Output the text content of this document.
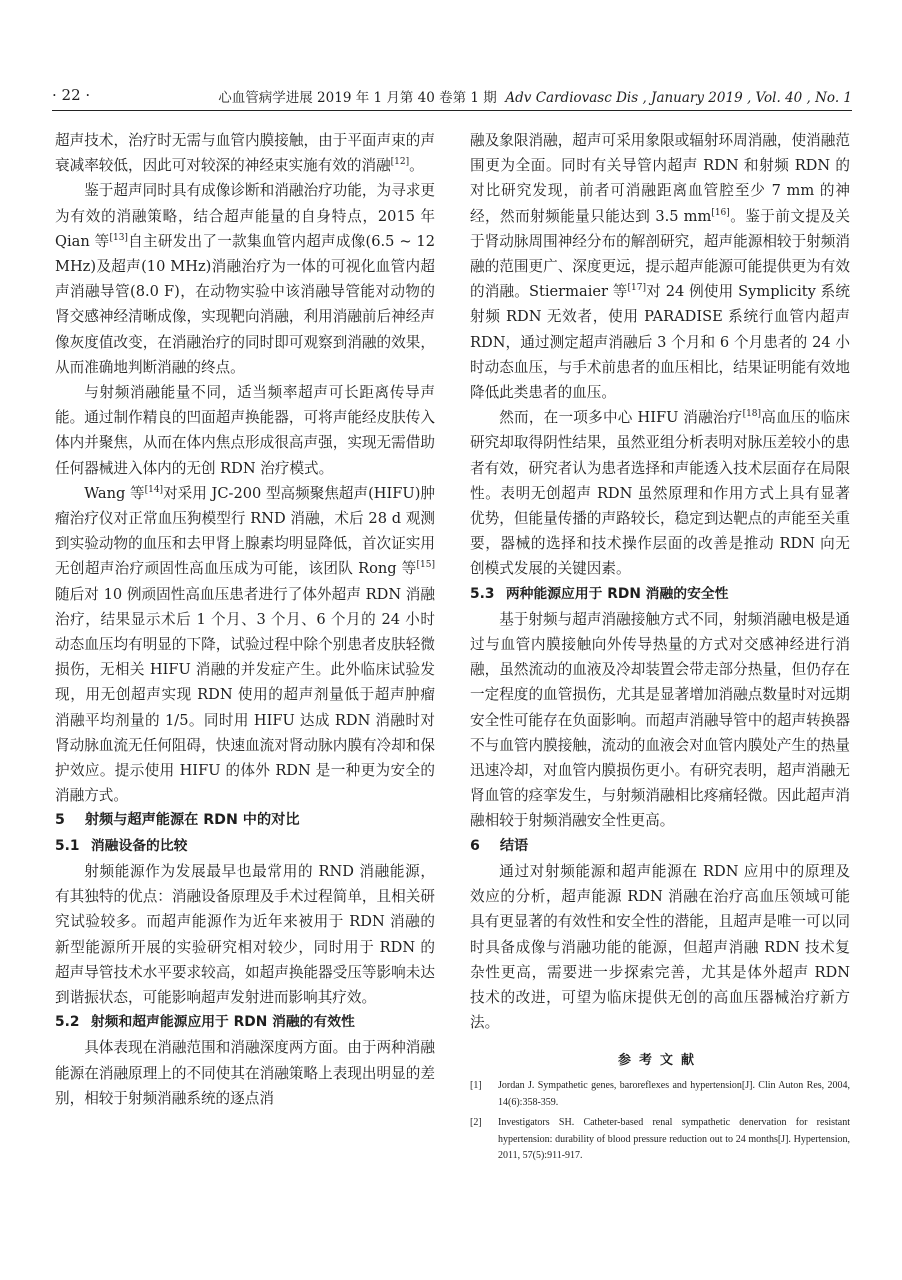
· 22 ·	心血管病学进展 2019 年 1 月第 40 卷第 1 期 Adv Cardiovasc Dis , January 2019 , Vol. 40 , No. 1

超声技术，治疗时无需与血管内膜接触，由于平面声束的声衰减率较低，因此可对较深的神经束实施有效的消融[12]。

鉴于超声同时具有成像诊断和消融治疗功能，为寻求更为有效的消融策略，结合超声能量的自身特点，2015 年 Qian 等[13]自主研发出了一款集血管内超声成像(6.5 ~ 12 MHz)及超声(10 MHz)消融治疗为一体的可视化血管内超声消融导管(8.0 F)，在动物实验中该消融导管能对动物的肾交感神经清晰成像，实现靶向消融，利用消融前后神经声像灰度值改变，在消融治疗的同时即可观察到消融的效果，从而准确地判断消融的终点。

与射频消融能量不同，适当频率超声可长距离传导声能。通过制作精良的凹面超声换能器，可将声能经皮肤传入体内并聚焦，从而在体内焦点形成很高声强，实现无需借助任何器械进入体内的无创 RDN 治疗模式。

Wang 等[14]对采用 JC-200 型高频聚焦超声(HIFU)肿瘤治疗仪对正常血压狗模型行 RND 消融，术后 28 d 观测到实验动物的血压和去甲肾上腺素均明显降低，首次证实用无创超声治疗顽固性高血压成为可能，该团队 Rong 等[15]随后对 10 例顽固性高血压患者进行了体外超声 RDN 消融治疗，结果显示术后 1 个月、3 个月、6 个月的 24 小时动态血压均有明显的下降，试验过程中除个别患者皮肤轻微损伤，无相关 HIFU 消融的并发症产生。此外临床试验发现，用无创超声实现 RDN 使用的超声剂量低于超声肿瘤消融平均剂量的 1/5。同时用 HIFU 达成 RDN 消融时对肾动脉血流无任何阻碍，快速血流对肾动脉内膜有冷却和保护效应。提示使用 HIFU 的体外 RDN 是一种更为安全的消融方式。

5 射频与超声能源在 RDN 中的对比
5.1 消融设备的比较

射频能源作为发展最早也最常用的 RND 消融能源，有其独特的优点：消融设备原理及手术过程简单，且相关研究试验较多。而超声能源作为近年来被用于 RDN 消融的新型能源所开展的实验研究相对较少，同时用于 RDN 的超声导管技术水平要求较高，如超声换能器受压等影响未达到谐振状态，可能影响超声发射进而影响其疗效。

5.2 射频和超声能源应用于 RDN 消融的有效性

具体表现在消融范围和消融深度两方面。由于两种消融能源在消融原理上的不同使其在消融策略上表现出明显的差别，相较于射频消融系统的逐点消

融及象限消融，超声可采用象限或辐射环周消融，使消融范围更为全面。同时有关导管内超声 RDN 和射频 RDN 的对比研究发现，前者可消融距离血管腔至少 7 mm 的神经，然而射频能量只能达到 3.5 mm[16]。鉴于前文提及关于肾动脉周围神经分布的解剖研究，超声能源相较于射频消融的范围更广、深度更远，提示超声能源可能提供更为有效的消融。Stiermaier 等[17]对 24 例使用 Symplicity 系统射频 RDN 无效者，使用 PARADISE 系统行血管内超声 RDN，通过测定超声消融后 3 个月和 6 个月患者的 24 小时动态血压，与手术前患者的血压相比，结果证明能有效地降低此类患者的血压。

然而，在一项多中心 HIFU 消融治疗[18]高血压的临床研究却取得阴性结果，虽然亚组分析表明对脉压差较小的患者有效，研究者认为患者选择和声能透入技术层面存在局限性。表明无创超声 RDN 虽然原理和作用方式上具有显著优势，但能量传播的声路较长，稳定到达靶点的声能至关重要，器械的选择和技术操作层面的改善是推动 RDN 向无创模式发展的关键因素。

5.3 两种能源应用于 RDN 消融的安全性

基于射频与超声消融接触方式不同，射频消融电极是通过与血管内膜接触向外传导热量的方式对交感神经进行消融，虽然流动的血液及冷却装置会带走部分热量，但仍存在一定程度的血管损伤，尤其是显著增加消融点数量时对远期安全性可能存在负面影响。而超声消融导管中的超声转换器不与血管内膜接触，流动的血液会对血管内膜处产生的热量迅速冷却，对血管内膜损伤更小。有研究表明，超声消融无肾血管的痉挛发生，与射频消融相比疼痛轻微。因此超声消融相较于射频消融安全性更高。

6 结语

通过对射频能源和超声能源在 RDN 应用中的原理及效应的分析，超声能源 RDN 消融在治疗高血压领域可能具有更显著的有效性和安全性的潜能，且超声是唯一可以同时具备成像与消融功能的能源，但超声消融 RDN 技术复杂性更高，需要进一步探索完善，尤其是体外超声 RDN 技术的改进，可望为临床提供无创的高血压器械治疗新方法。

参考文献
[1] Jordan J. Sympathetic genes, baroreflexes and hypertension[J]. Clin Auton Res, 2004, 14(6):358-359.
[2] Investigators SH. Catheter-based renal sympathetic denervation for resistant hypertension: durability of blood pressure reduction out to 24 months[J]. Hypertension, 2011, 57(5):911-917.
